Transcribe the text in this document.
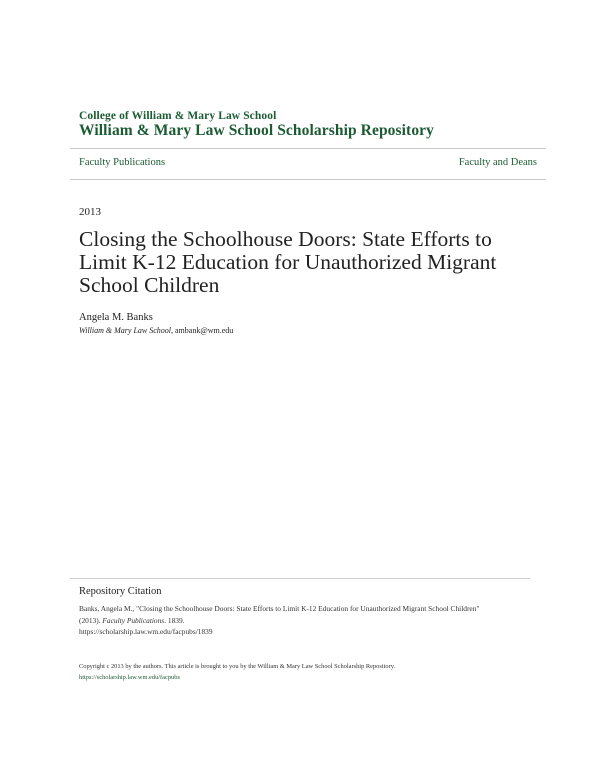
College of William & Mary Law School
William & Mary Law School Scholarship Repository
Faculty Publications	Faculty and Deans
2013
Closing the Schoolhouse Doors: State Efforts to
Limit K-12 Education for Unauthorized Migrant
School Children
Angela M. Banks
William & Mary Law School, ambank@wm.edu
Repository Citation
Banks, Angela M., "Closing the Schoolhouse Doors: State Efforts to Limit K-12 Education for Unauthorized Migrant School Children"
(2013). Faculty Publications. 1839.
https://scholarship.law.wm.edu/facpubs/1839
Copyright c 2013 by the authors. This article is brought to you by the William & Mary Law School Scholarship Repository.
https://scholarship.law.wm.edu/facpubs
